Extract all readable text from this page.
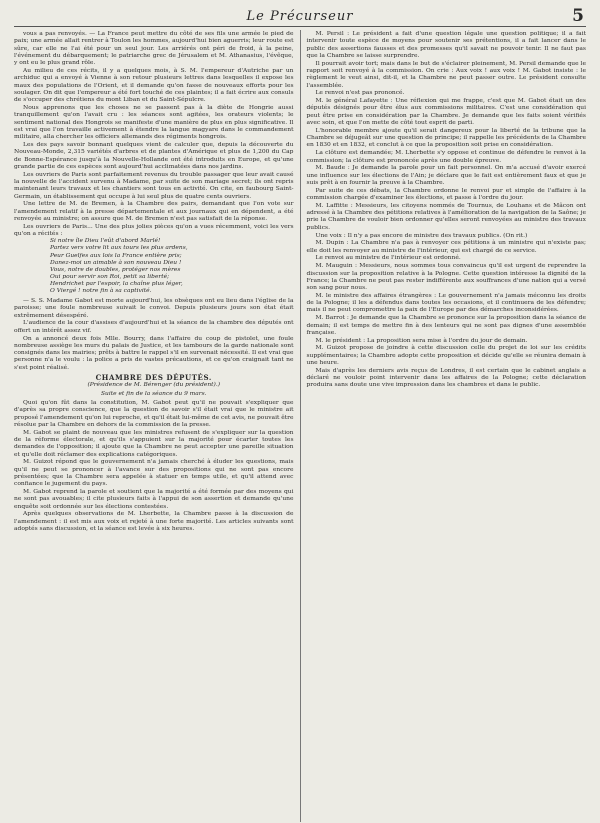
Le Précurseur	5

vous a pas renvoyés. — La France peut mettre du côté de ses fils une armée le pied de paix; une armée allait rentrer à Toulon les hommes, aujourd'hui bien aguerris; leur route est sûre, car elle ne l'ai été pour un seul jour. Les arriérés ont péri de froid, à la peine, l'événement du débarquement; le patriarche grec de Jérusalem et M. Athanasius, l'évêque, y ont eu le plus grand rôle.

Au milieu de ces récits, il y a quelques mois, à S. M. l'empereur d'Autriche par un archiduc qui a envoyé à Vienne à son retour plusieurs lettres dans lesquelles il expose les maux des populations de l'Orient, et il demande qu'on fasse de nouveaux efforts pour les soulager. On dit que l'empereur a été fort touché de ces plaintes; il a fait écrire aux consuls de s'occuper des chrétiens du mont Liban et du Saint-Sépulcre.

Nous apprenons que les choses ne se passent pas à la diète de Hongrie aussi tranquillement qu'on l'avait cru : les séances sont agitées, les orateurs violents; le sentiment national des Hongrois se manifeste d'une manière de plus en plus significative. Il est vrai que l'on travaille activement à étendre la langue magyare dans le commandement militaire, alla chercher les officiers allemands des régiments hongrois.

Les des pays savoir bonnant quelques vient de calculer que, depuis la découverte du Nouveau-Monde, 2,315 variétés d'arbres et de plantes d'Amérique et plus de 1,200 du Cap de Bonne-Espérance jusqu'à la Nouvelle-Hollande ont été introduits en Europe, et qu'une grande partie de ces espèces sont aujourd'hui acclimatées dans nos jardins.

Les ouvriers de Paris sont parfaitement revenus du trouble passager que leur avait causé la nouvelle de l'accident survenu à Madame, par suite de son mariage secret; ils ont repris maintenant leurs travaux et les chantiers sont tous en activité. On cite, en faubourg Saint-Germain, un établissement qui occupe à lui seul plus de quatre cents ouvriers.

Une lettre de M. de Bremen, à la Chambre des pairs, demandant que l'on vote sur l'amendement relatif à la presse départementale et aux journaux qui en dépendent, a été renvoyée au ministre; on assure que M. de Bremen n'est pas satisfait de la réponse.

Les ouvriers de Paris... Une des plus jolies pièces qu'on a vues récemment, voici les vers qu'on a récités :

Si notre île Dieu l'eût d'abord Marlé!
Partez vers votre lit aux tours les plus ardens,
Peur Guelfes aux lois la France entière pris;
Danez-moi un aimable à son nouveau Dieu !
Vous, notre de doubles, protéger nos mères
Oui pour servir son Roi, petit sa liberté;
Hendrichet par l'espoir, la chaîne plus léger,
O Viergé ! notre fin à sa captivité.

— S. S. Madame Gabot est morte aujourd'hui, les obsèques ont eu lieu dans l'église de la paroisse; une foule nombreuse suivait le convoi. Depuis plusieurs jours son état était extrêmement désespéré.

L'audience de la cour d'assises d'aujourd'hui et la séance de la chambre des députés ont offert un intérêt assez vif.

On a annoncé deux fois Mlle. Bourry, dans l'affaire du coup de pistolet, une foule nombreuse assiège les murs du palais de Justice, et les tambours de la garde nationale sont consignés dans les mairies; prêts à battre le rappel s'il en survenait nécessité. Il est vrai que personne n'a le voulu : la police a pris de vastes précautions, et ce qu'on craignait tant ne s'est point réalisé.

CHAMBRE DES DÉPUTÉS.
(Présidence de M. Bérenger (du président).)
Suite et fin de la séance du 9 mars.

Quoi qu'on fût dans la constitution, M. Gabot peut qu'il ne pouvait s'expliquer que d'après sa propre conscience, que la question de savoir s'il était vrai que le ministre ait proposé l'amendement qu'on lui reproche, et qu'il était lui-même de cet avis, ne pouvait être résolue par la Chambre en dehors de la commission de la presse.

M. Gabot se plaint de nouveau que les ministres refusent de s'expliquer sur la question de la réforme électorale, et qu'ils s'appuient sur la majorité pour écarter toutes les demandes de l'opposition; il ajoute que la Chambre ne peut accepter une pareille situation et qu'elle doit réclamer des explications catégoriques.

M. Guizot répond que le gouvernement n'a jamais cherché à éluder les questions, mais qu'il ne peut se prononcer à l'avance sur des propositions qui ne sont pas encore présentées; que la Chambre sera appelée à statuer en temps utile, et qu'il attend avec confiance le jugement du pays.

M. Gabot reprend la parole et soutient que la majorité a été formée par des moyens qui ne sont pas avouables; il cite plusieurs faits à l'appui de son assertion et demande qu'une enquête soit ordonnée sur les élections contestées.

Après quelques observations de M. Lherbette, la Chambre passe à la discussion de l'amendement : il est mis aux voix et rejeté à une forte majorité. Les articles suivants sont adoptés sans discussion, et la séance est levée à six heures.

M. Persil : Le président a fait d'une question légale une question politique; il a fait intervenir toute espèce de moyens pour soutenir ses prétentions, il a fait lancer dans le public des assertions fausses et des promesses qu'il savait ne pouvoir tenir. Il ne faut pas que la Chambre se laisse surprendre.

Il pourrait avoir tort; mais dans le but de s'éclairer pleinement, M. Persil demande que le rapport soit renvoyé à la commission. On crie : Aux voix ! aux voix ! M. Gabot insiste : le règlement le veut ainsi, dit-il, et la Chambre ne peut passer outre. Le président consulte l'assemblée.

Le renvoi n'est pas prononcé.

M. le général Lafayette : Une réflexion qui me frappe, c'est que M. Gabot était un des députés désignés pour être élus aux commissions militaires. C'est une considération qui peut être prise en considération par la Chambre. Je demande que les faits soient vérifiés avec soin, et que l'on mette de côté tout esprit de parti.

L'honorable membre ajoute qu'il serait dangereux pour la liberté de la tribune que la Chambre se déjugeât sur une question de principe; il rappelle les précédents de la Chambre en 1830 et en 1832, et conclut à ce que la proposition soit prise en considération.

La clôture est demandée; M. Lherbette s'y oppose et continue de défendre le renvoi à la commission; la clôture est prononcée après une double épreuve.

M. Baude : Je demande la parole pour un fait personnel. On m'a accusé d'avoir exercé une influence sur les élections de l'Ain; je déclare que le fait est entièrement faux et que je suis prêt à en fournir la preuve à la Chambre.

Par suite de ces débats, la Chambre ordonne le renvoi pur et simple de l'affaire à la commission chargée d'examiner les élections, et passe à l'ordre du jour.

M. Laffitte : Messieurs, les citoyens nommés de Tournus, de Louhans et de Mâcon ont adressé à la Chambre des pétitions relatives à l'amélioration de la navigation de la Saône; je prie la Chambre de vouloir bien ordonner qu'elles seront renvoyées au ministre des travaux publics.

Une voix : Il n'y a pas encore de ministre des travaux publics. (On rit.)

M. Dupin : La Chambre n'a pas à renvoyer ces pétitions à un ministre qui n'existe pas; elle doit les renvoyer au ministre de l'intérieur, qui est chargé de ce service.

Le renvoi au ministre de l'intérieur est ordonné.

M. Mauguin : Messieurs, nous sommes tous convaincus qu'il est urgent de reprendre la discussion sur la proposition relative à la Pologne. Cette question intéresse la dignité de la France; la Chambre ne peut pas rester indifférente aux souffrances d'une nation qui a versé son sang pour nous.

M. le ministre des affaires étrangères : Le gouvernement n'a jamais méconnu les droits de la Pologne; il les a défendus dans toutes les occasions, et il continuera de les défendre; mais il ne peut compromettre la paix de l'Europe par des démarches inconsidérées.

M. Barrot : Je demande que la Chambre se prononce sur la proposition dans la séance de demain; il est temps de mettre fin à des lenteurs qui ne sont pas dignes d'une assemblée française.

M. le président : La proposition sera mise à l'ordre du jour de demain.

M. Guizot propose de joindre à cette discussion celle du projet de loi sur les crédits supplémentaires; la Chambre adopte cette proposition et décide qu'elle se réunira demain à une heure.

Mais d'après les derniers avis reçus de Londres, il est certain que le cabinet anglais a déclaré ne vouloir point intervenir dans les affaires de la Pologne; cette déclaration produira sans doute une vive impression dans les chambres et dans le public.
